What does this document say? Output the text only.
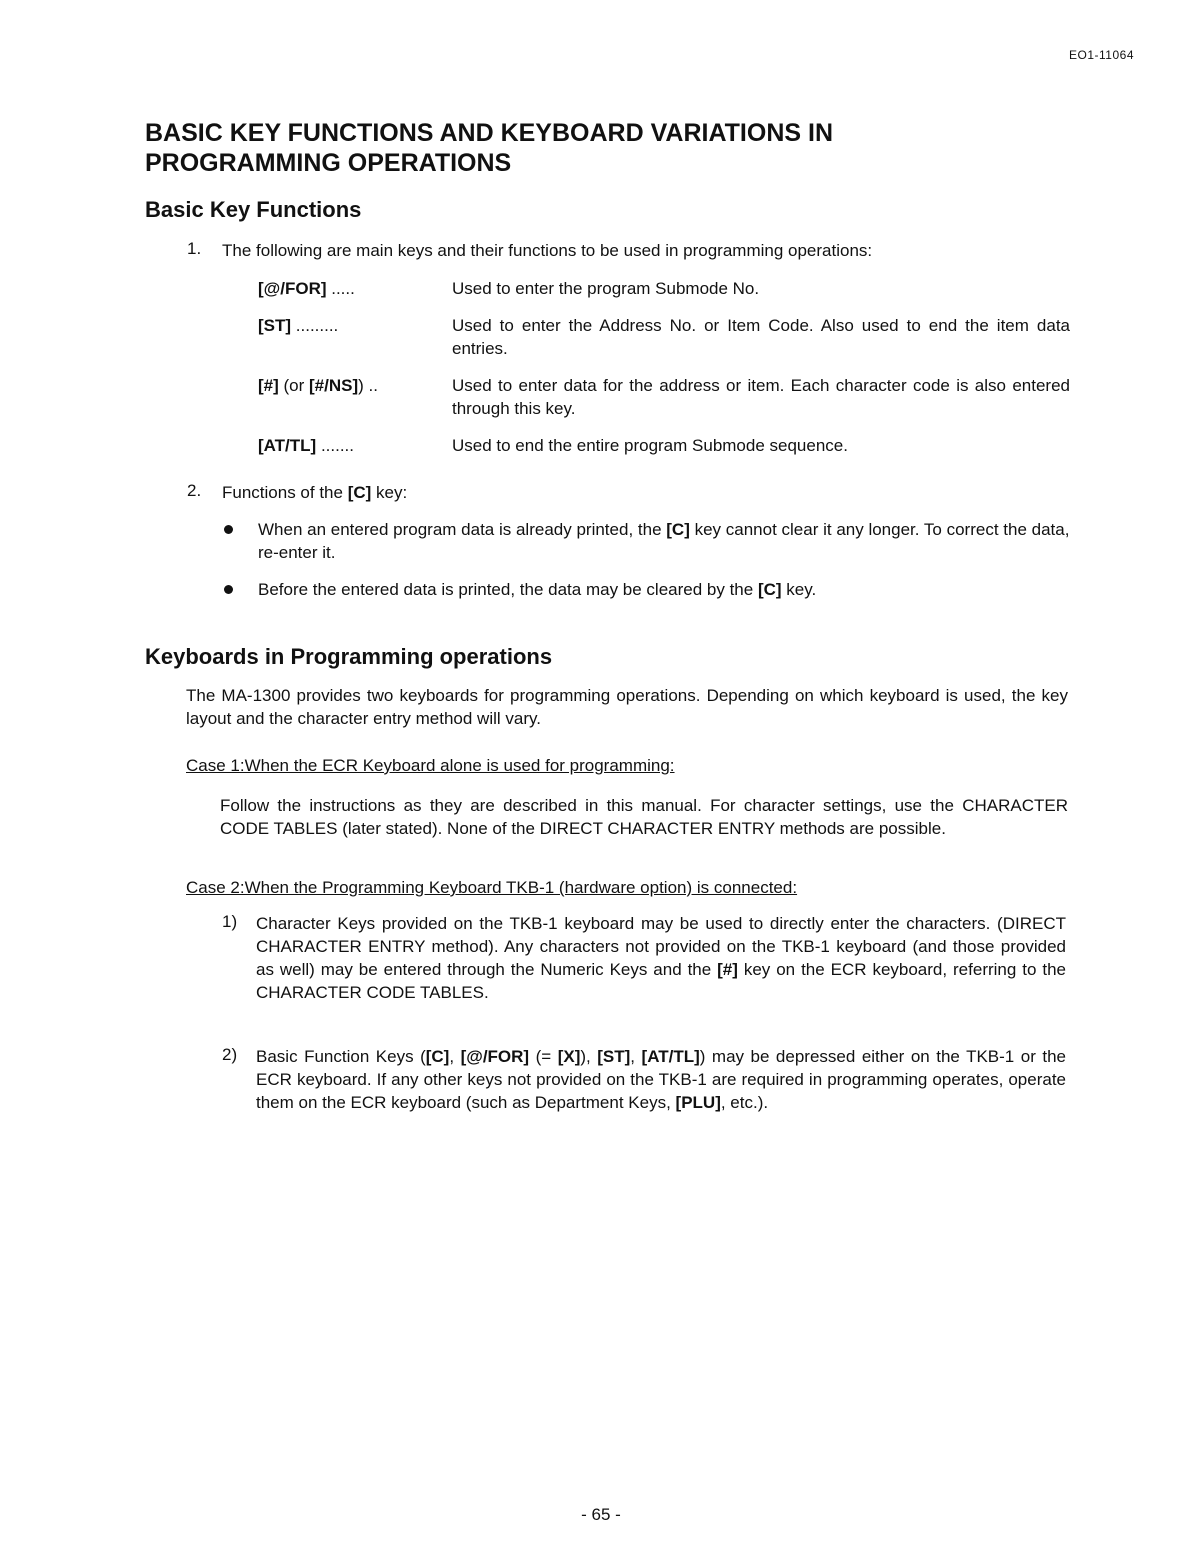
EO1-11064
BASIC KEY FUNCTIONS AND KEYBOARD VARIATIONS IN PROGRAMMING OPERATIONS
Basic Key Functions
1. The following are main keys and their functions to be used in programming operations:
[@/FOR] .....	Used to enter the program Submode No.
[ST] .........	Used to enter the Address No. or Item Code. Also used to end the item data entries.
[#] (or [#/NS]) ..	Used to enter data for the address or item. Each character code is also entered through this key.
[AT/TL] .......	Used to end the entire program Submode sequence.
2. Functions of the [C] key:
When an entered program data is already printed, the [C] key cannot clear it any longer. To correct the data, re-enter it.
Before the entered data is printed, the data may be cleared by the [C] key.
Keyboards in Programming operations
The MA-1300 provides two keyboards for programming operations. Depending on which keyboard is used, the key layout and the character entry method will vary.
Case 1:When the ECR Keyboard alone is used for programming:
Follow the instructions as they are described in this manual. For character settings, use the CHARACTER CODE TABLES (later stated). None of the DIRECT CHARACTER ENTRY methods are possible.
Case 2:When the Programming Keyboard TKB-1 (hardware option) is connected:
1) Character Keys provided on the TKB-1 keyboard may be used to directly enter the characters. (DIRECT CHARACTER ENTRY method). Any characters not provided on the TKB-1 keyboard (and those provided as well) may be entered through the Numeric Keys and the [#] key on the ECR keyboard, referring to the CHARACTER CODE TABLES.
2) Basic Function Keys ([C], [@/FOR] (= [X]), [ST], [AT/TL]) may be depressed either on the TKB-1 or the ECR keyboard. If any other keys not provided on the TKB-1 are required in programming operates, operate them on the ECR keyboard (such as Department Keys, [PLU], etc.).
- 65 -
